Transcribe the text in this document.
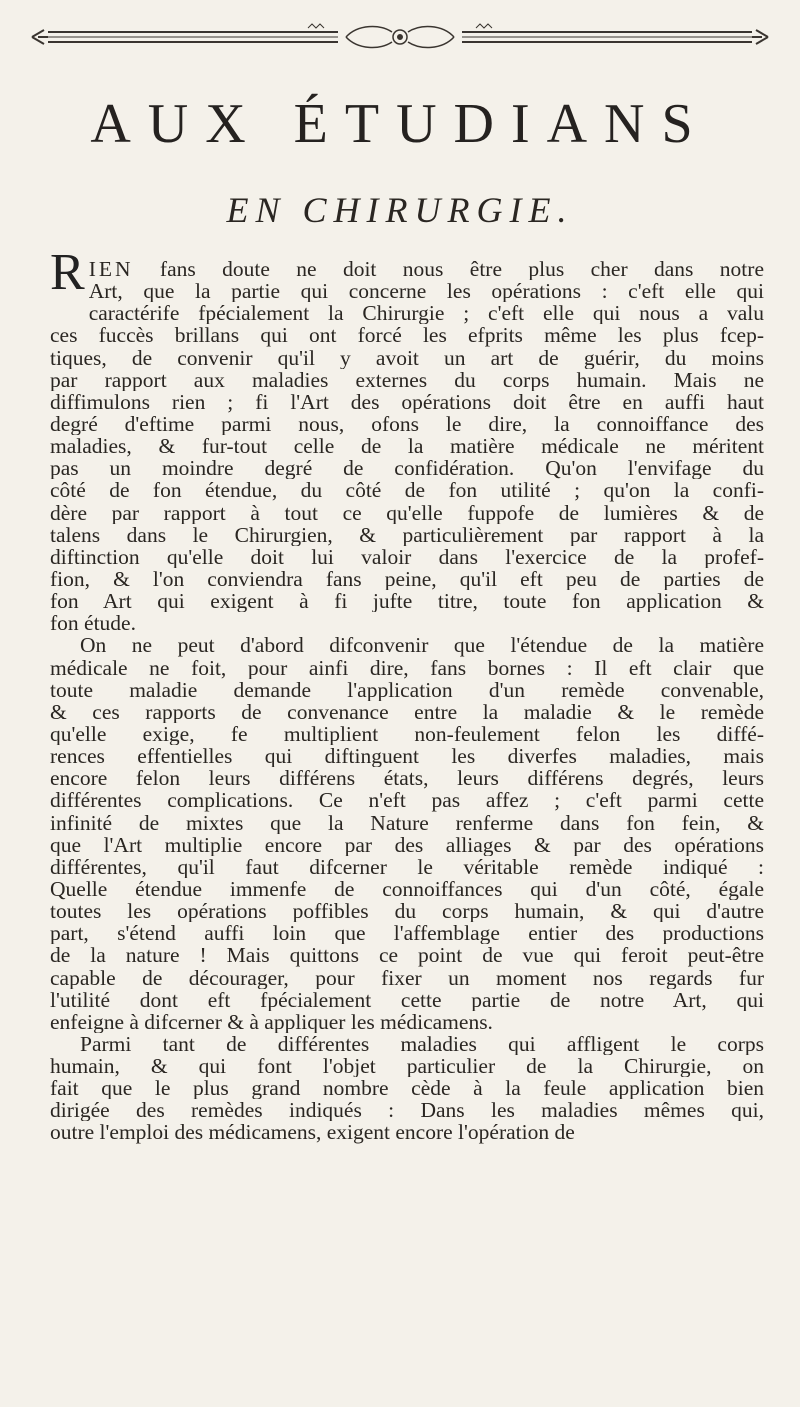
AUX ÉTUDIANS
EN CHIRURGIE.
R IEN fans doute ne doit nous être plus cher dans notre
Art, que la partie qui concerne les opérations : c'eft elle qui
caractérife fpécialement la Chirurgie ; c'eft elle qui nous a valu
ces fuccès brillans qui ont forcé les efprits même les plus fcep-
tiques, de convenir qu'il y avoit un art de guérir, du moins
par rapport aux maladies externes du corps humain. Mais ne
diffimulons rien ; fi l'Art des opérations doit être en auffi haut
degré d'eftime parmi nous, ofons le dire, la connoiffance des
maladies, & fur-tout celle de la matière médicale ne méritent
pas un moindre degré de confidération. Qu'on l'envifage du
côté de fon étendue, du côté de fon utilité ; qu'on la confi-
dère par rapport à tout ce qu'elle fuppofe de lumières & de
talens dans le Chirurgien, & particulièrement par rapport à la
diftinction qu'elle doit lui valoir dans l'exercice de la profef-
fion, & l'on conviendra fans peine, qu'il eft peu de parties de
fon Art qui exigent à fi jufte titre, toute fon application &
fon étude.
On ne peut d'abord difconvenir que l'étendue de la matière
médicale ne foit, pour ainfi dire, fans bornes : Il eft clair que
toute maladie demande l'application d'un remède convenable,
& ces rapports de convenance entre la maladie & le remède
qu'elle exige, fe multiplient non-feulement felon les diffé-
rences effentielles qui diftinguent les diverfes maladies, mais
encore felon leurs différens états, leurs différens degrés, leurs
différentes complications. Ce n'eft pas affez ; c'eft parmi cette
infinité de mixtes que la Nature renferme dans fon fein, &
que l'Art multiplie encore par des alliages & par des opérations
différentes, qu'il faut difcerner le véritable remède indiqué :
Quelle étendue immenfe de connoiffances qui d'un côté, égale
toutes les opérations poffibles du corps humain, & qui d'autre
part, s'étend auffi loin que l'affemblage entier des productions
de la nature ! Mais quittons ce point de vue qui feroit peut-être
capable de décourager, pour fixer un moment nos regards fur
l'utilité dont eft fpécialement cette partie de notre Art, qui
enfeigne à difcerner & à appliquer les médicamens.
Parmi tant de différentes maladies qui affligent le corps
humain, & qui font l'objet particulier de la Chirurgie, on
fait que le plus grand nombre cède à la feule application bien
dirigée des remèdes indiqués : Dans les maladies mêmes qui,
outre l'emploi des médicamens, exigent encore l'opération de
